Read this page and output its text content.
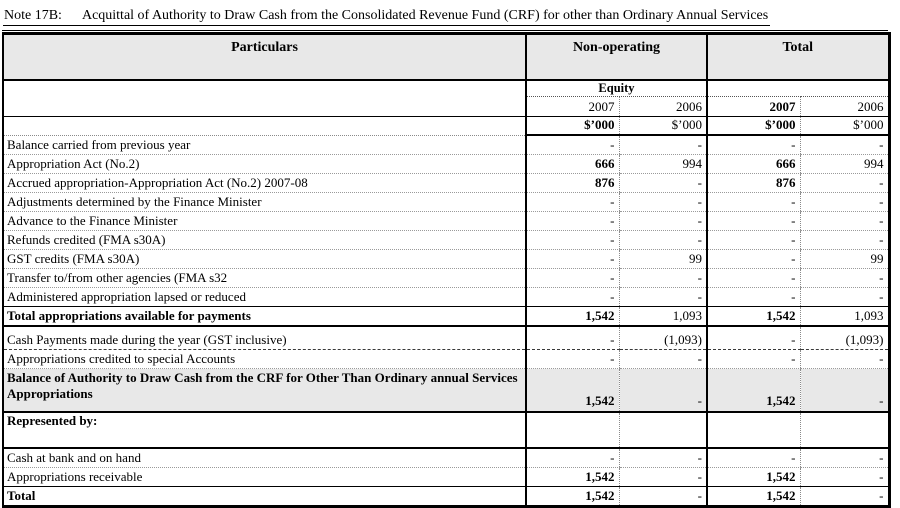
Note 17B: Acquittal of Authority to Draw Cash from the Consolidated Revenue Fund (CRF) for other than Ordinary Annual Services
Particulars	Non-operating		Total	
	Equity			
	2007	2006	2007	2006
	$’000	$’000	$’000	$’000
Balance carried from previous year	-	-	-	-
Appropriation Act (No.2)	666	994	666	994
Accrued appropriation-Appropriation Act (No.2) 2007-08	876	-	876	-
Adjustments determined by the Finance Minister	-	-	-	-
Advance to the Finance Minister	-	-	-	-
Refunds credited (FMA s30A)	-	-	-	-
GST credits (FMA s30A)	-	99	-	99
Transfer to/from other agencies (FMA s32	-	-	-	-
Administered appropriation lapsed or reduced	-	-	-	-
Total appropriations available for payments	1,542	1,093	1,542	1,093
Cash Payments made during the year (GST inclusive)	-	(1,093)	-	(1,093)
Appropriations credited to special Accounts	-	-	-	-
Balance of Authority to Draw Cash from the CRF for Other Than Ordinary annual Services Appropriations	1,542	-	1,542	-
Represented by:				
Cash at bank and on hand	-	-	-	-
Appropriations receivable	1,542	-	1,542	-
Total	1,542	-	1,542	-
